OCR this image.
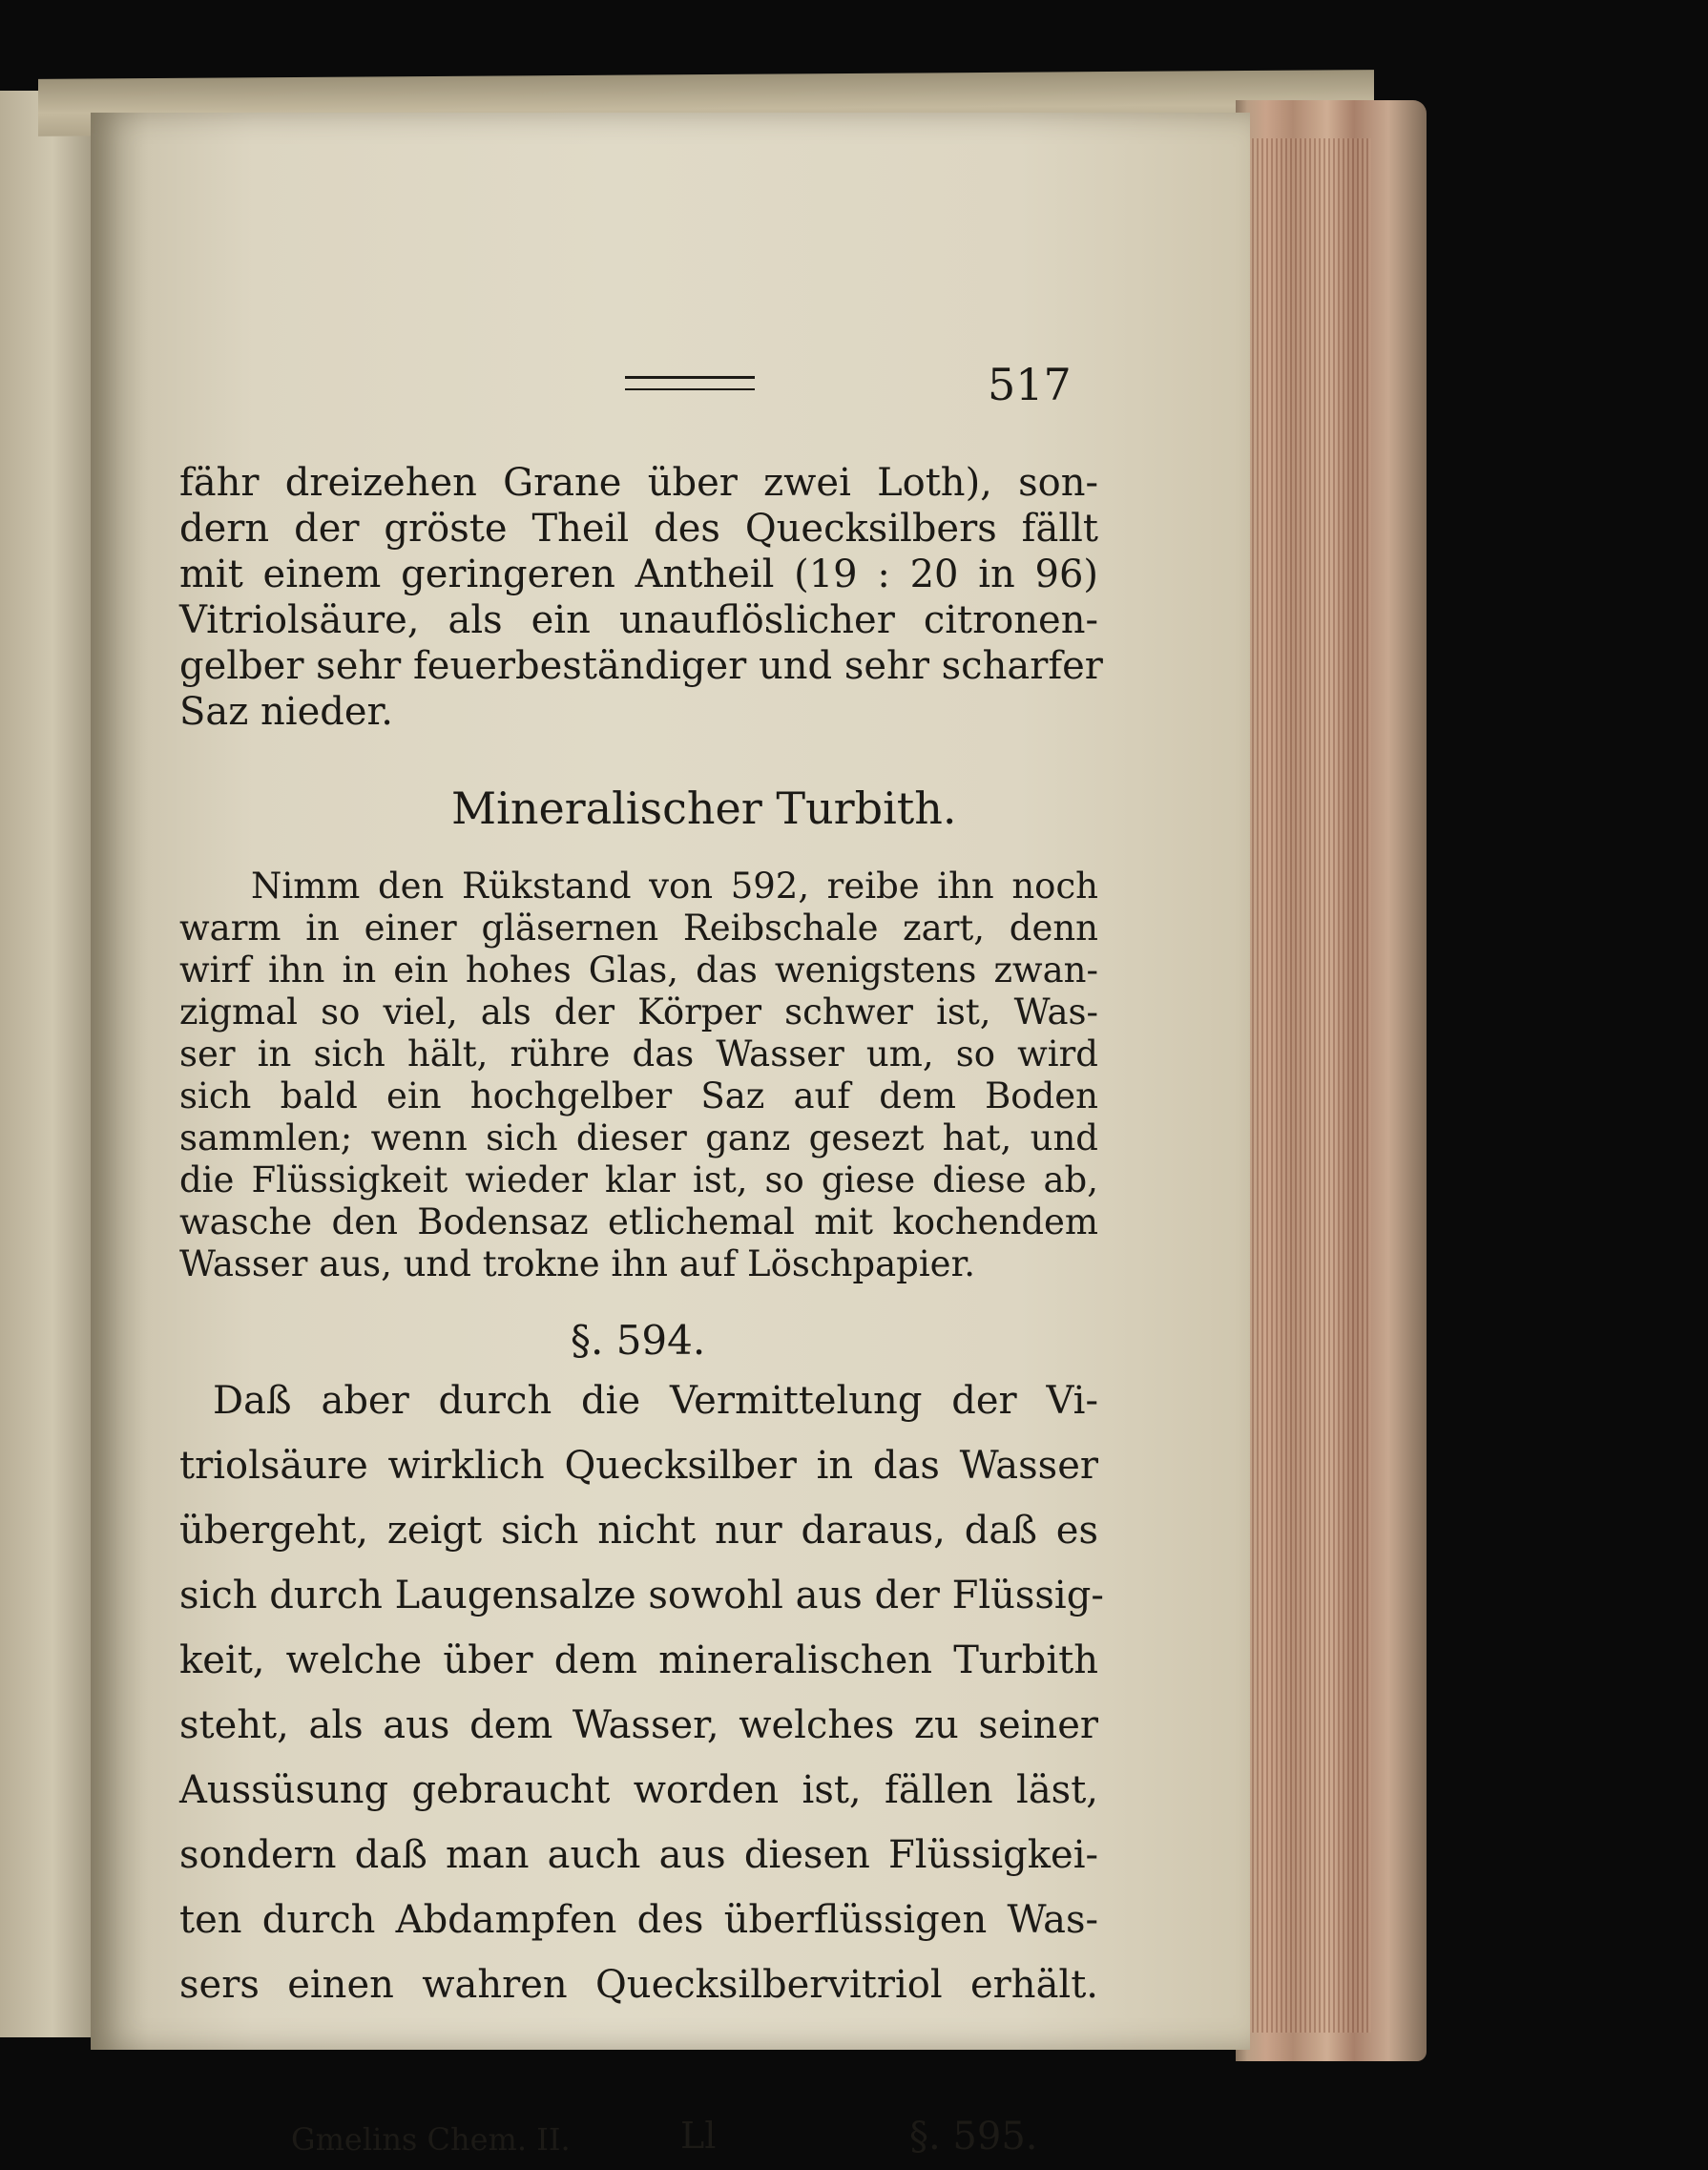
517
fähr dreizehen Grane über zwei Loth), son-
dern der gröste Theil des Quecksilbers fällt
mit einem geringeren Antheil (19 : 20 in 96)
Vitriolsäure, als ein unauflöslicher citronen-
gelber sehr feuerbeständiger und sehr scharfer
Saz nieder.
Mineralischer Turbith.
Nimm den Rükstand von 592, reibe ihn noch
warm in einer gläsernen Reibschale zart, denn
wirf ihn in ein hohes Glas, das wenigstens zwan-
zigmal so viel, als der Körper schwer ist, Was-
ser in sich hält, rühre das Wasser um, so wird
sich bald ein hochgelber Saz auf dem Boden
sammlen; wenn sich dieser ganz gesezt hat, und
die Flüssigkeit wieder klar ist, so giese diese ab,
wasche den Bodensaz etlichemal mit kochendem
Wasser aus, und trokne ihn auf Löschpapier.
§. 594.
Daß aber durch die Vermittelung der Vi-
triolsäure wirklich Quecksilber in das Wasser
übergeht, zeigt sich nicht nur daraus, daß es
sich durch Laugensalze sowohl aus der Flüssig-
keit, welche über dem mineralischen Turbith
steht, als aus dem Wasser, welches zu seiner
Aussüsung gebraucht worden ist, fällen läst,
sondern daß man auch aus diesen Flüssigkei-
ten durch Abdampfen des überflüssigen Was-
sers einen wahren Quecksilbervitriol erhält.
Gmelins Chem. II.	Ll	§. 595.
